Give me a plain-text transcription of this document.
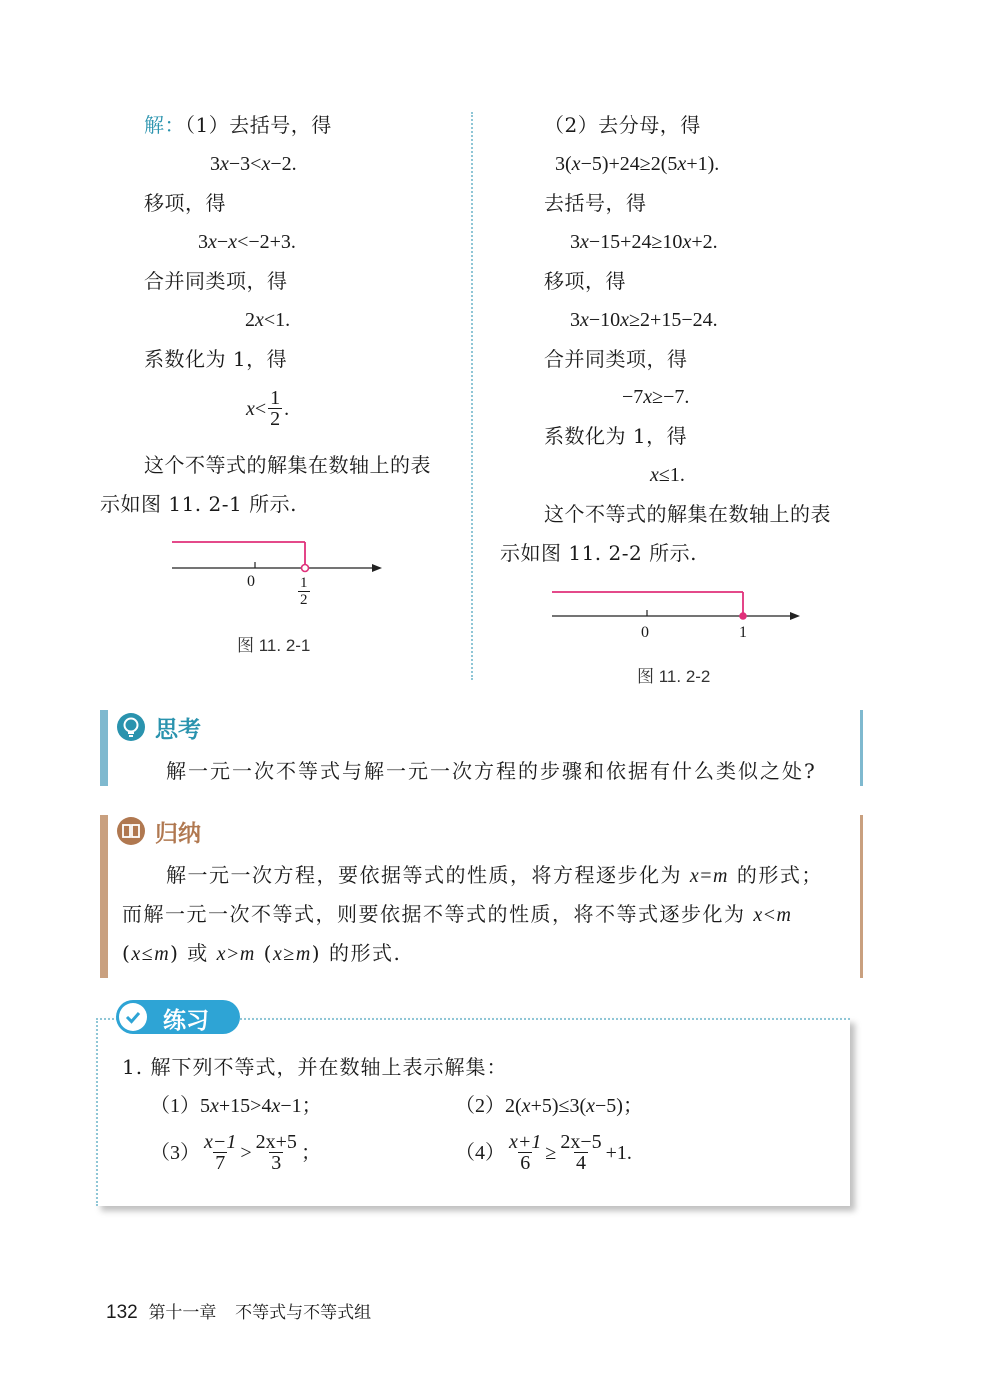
解：（1）去括号，得
3x−3<x−2.
移项，得
3x−x<−2+3.
合并同类项，得
2x<1.
系数化为 1，得
$x < \frac{1}{2}$ .
这个不等式的解集在数轴上的表
示如图 11. 2-1 所示.
0	$\frac{1}{2}$
图 11. 2-1
（2）去分母，得
3(x−5)+24≥2(5x+1).
去括号，得
3x−15+24≥10x+2.
移项，得
3x−10x≥2+15−24.
合并同类项，得
−7x≥−7.
系数化为 1，得
x≤1.
这个不等式的解集在数轴上的表
示如图 11. 2-2 所示.
0	1
图 11. 2-2
思考
解一元一次不等式与解一元一次方程的步骤和依据有什么类似之处?
归纳
解一元一次方程，要依据等式的性质，将方程逐步化为 x=m 的形式；
而解一元一次不等式，则要依据不等式的性质，将不等式逐步化为 x<m
(x≤m) 或 x>m (x≥m) 的形式.
练习
1. 解下列不等式，并在数轴上表示解集：
（1）5x+15>4x−1；	（2）2(x+5)≤3(x−5)；
$(3) \frac{x-1}{7} > \frac{2x+5}{3}$ ；	$(4) \frac{x+1}{6} \ge \frac{2x-5}{4} +1$.
132 第十一章 不等式与不等式组
